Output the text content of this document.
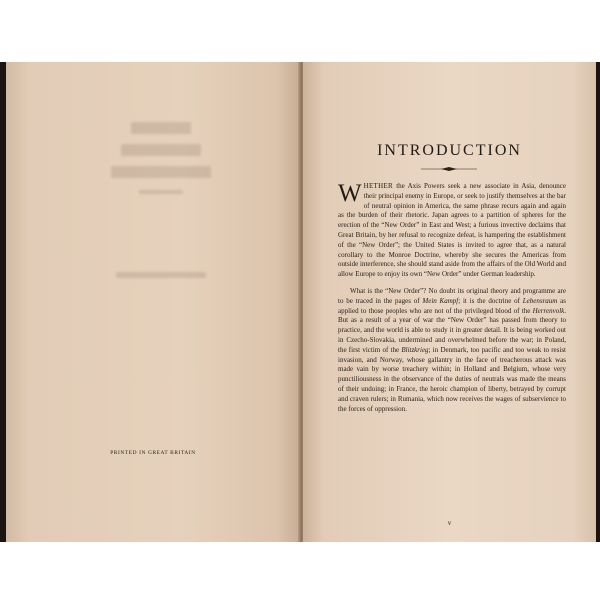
PRINTED IN GREAT BRITAIN
INTRODUCTION

WHETHER the Axis Powers seek a new associate in Asia, denounce their principal enemy in Europe, or seek to justify themselves at the bar of neutral opinion in America, the same phrase recurs again and again as the burden of their rhetoric. Japan agrees to a partition of spheres for the erection of the “New Order” in East and West; a furious invective declaims that Great Britain, by her refusal to recognize defeat, is hampering the establishment of the “New Order”; the United States is invited to agree that, as a natural corollary to the Monroe Doctrine, whereby she secures the Americas from outside interference, she should stand aside from the affairs of the Old World and allow Europe to enjoy its own “New Order” under German leadership.

What is the “New Order”? No doubt its original theory and programme are to be traced in the pages of Mein Kampf; it is the doctrine of Lebensraum as applied to those peoples who are not of the privileged blood of the Herrenvolk. But as a result of a year of war the “New Order” has passed from theory to practice, and the world is able to study it in greater detail. It is being worked out in Czecho-Slovakia, undermined and overwhelmed before the war; in Poland, the first victim of the Blitzkrieg; in Denmark, too pacific and too weak to resist invasion, and Norway, whose gallantry in the face of treacherous attack was made vain by worse treachery within; in Holland and Belgium, whose very punctiliousness in the observance of the duties of neutrals was made the means of their undoing; in France, the heroic champion of liberty, betrayed by corrupt and craven rulers; in Rumania, which now receives the wages of subservience to the forces of oppression.

v
